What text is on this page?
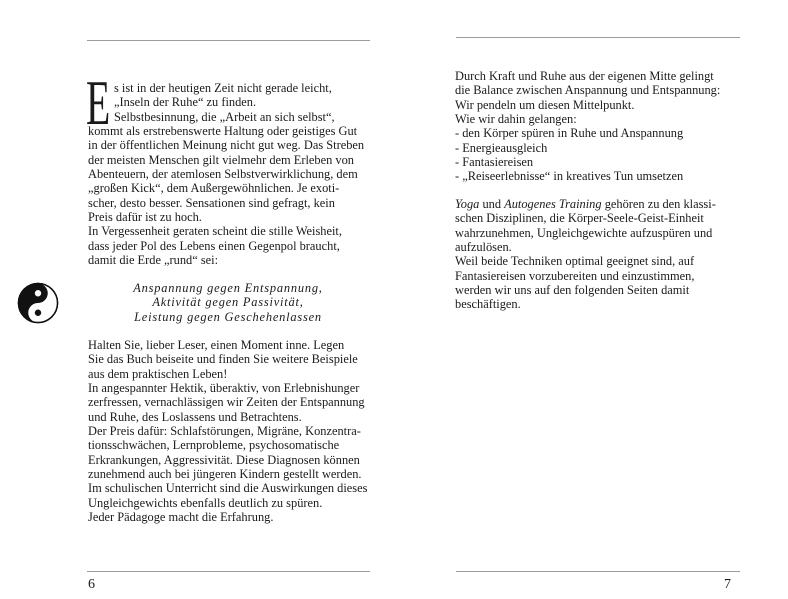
E s ist in der heutigen Zeit nicht gerade leicht,
„Inseln der Ruhe“ zu finden.
Selbstbesinnung, die „Arbeit an sich selbst“,
kommt als erstrebenswerte Haltung oder geistiges Gut
in der öffentlichen Meinung nicht gut weg. Das Streben
der meisten Menschen gilt vielmehr dem Erleben von
Abenteuern, der atemlosen Selbstverwirklichung, dem
„großen Kick“, dem Außergewöhnlichen. Je exoti-
scher, desto besser. Sensationen sind gefragt, kein
Preis dafür ist zu hoch.
In Vergessenheit geraten scheint die stille Weisheit,
dass jeder Pol des Lebens einen Gegenpol braucht,
damit die Erde „rund“ sei:
Anspannung gegen Entspannung,
Aktivität gegen Passivität,
Leistung gegen Geschehenlassen
Halten Sie, lieber Leser, einen Moment inne. Legen
Sie das Buch beiseite und finden Sie weitere Beispiele
aus dem praktischen Leben!
In angespannter Hektik, überaktiv, von Erlebnishunger
zerfressen, vernachlässigen wir Zeiten der Entspannung
und Ruhe, des Loslassens und Betrachtens.
Der Preis dafür: Schlafstörungen, Migräne, Konzentra-
tionsschwächen, Lernprobleme, psychosomatische
Erkrankungen, Aggressivität. Diese Diagnosen können
zunehmend auch bei jüngeren Kindern gestellt werden.
Im schulischen Unterricht sind die Auswirkungen dieses
Ungleichgewichts ebenfalls deutlich zu spüren.
Jeder Pädagoge macht die Erfahrung.
6
Durch Kraft und Ruhe aus der eigenen Mitte gelingt
die Balance zwischen Anspannung und Entspannung:
Wir pendeln um diesen Mittelpunkt.
Wie wir dahin gelangen:
- den Körper spüren in Ruhe und Anspannung
- Energieausgleich
- Fantasiereisen
- „Reiseerlebnisse“ in kreatives Tun umsetzen
Yoga und Autogenes Training gehören zu den klassi-
schen Disziplinen, die Körper-Seele-Geist-Einheit
wahrzunehmen, Ungleichgewichte aufzuspüren und
aufzulösen.
Weil beide Techniken optimal geeignet sind, auf
Fantasiereisen vorzubereiten und einzustimmen,
werden wir uns auf den folgenden Seiten damit
beschäftigen.
7
